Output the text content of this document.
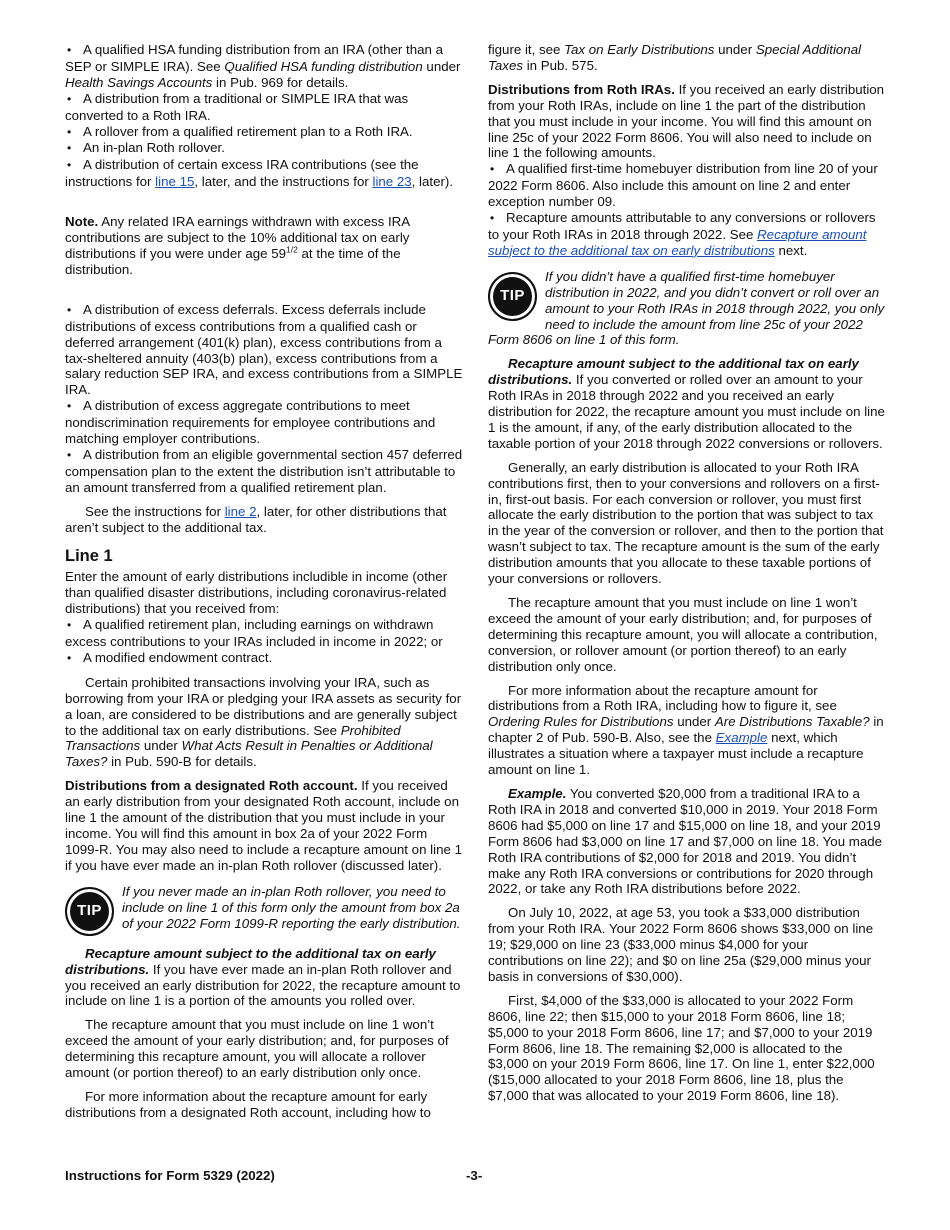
• A qualified HSA funding distribution from an IRA (other than a SEP or SIMPLE IRA). See Qualified HSA funding distribution under Health Savings Accounts in Pub. 969 for details.

• A distribution from a traditional or SIMPLE IRA that was converted to a Roth IRA.

• A rollover from a qualified retirement plan to a Roth IRA.

• An in-plan Roth rollover.

• A distribution of certain excess IRA contributions (see the instructions for line 15, later, and the instructions for line 23, later).

Note. Any related IRA earnings withdrawn with excess IRA contributions are subject to the 10% additional tax on early distributions if you were under age $59^{1/2}$ at the time of the distribution.

• A distribution of excess deferrals. Excess deferrals include distributions of excess contributions from a qualified cash or deferred arrangement (401(k) plan), excess contributions from a tax-sheltered annuity (403(b) plan), excess contributions from a salary reduction SEP IRA, and excess contributions from a SIMPLE IRA.

• A distribution of excess aggregate contributions to meet nondiscrimination requirements for employee contributions and matching employer contributions.

• A distribution from an eligible governmental section 457 deferred compensation plan to the extent the distribution isn’t attributable to an amount transferred from a qualified retirement plan.

See the instructions for line 2, later, for other distributions that aren’t subject to the additional tax.

Line 1

Enter the amount of early distributions includible in income (other than qualified disaster distributions, including coronavirus-related distributions) that you received from:

• A qualified retirement plan, including earnings on withdrawn excess contributions to your IRAs included in income in 2022; or

• A modified endowment contract.

Certain prohibited transactions involving your IRA, such as borrowing from your IRA or pledging your IRA assets as security for a loan, are considered to be distributions and are generally subject to the additional tax on early distributions. See Prohibited Transactions under What Acts Result in Penalties or Additional Taxes? in Pub. 590-B for details.

Distributions from a designated Roth account. If you received an early distribution from your designated Roth account, include on line 1 the amount of the distribution that you must include in your income. You will find this amount in box 2a of your 2022 Form 1099-R. You may also need to include a recapture amount on line 1 if you have ever made an in-plan Roth rollover (discussed later).

TIP

If you never made an in-plan Roth rollover, you need to include on line 1 of this form only the amount from box 2a of your 2022 Form 1099-R reporting the early distribution.

Recapture amount subject to the additional tax on early distributions. If you have ever made an in-plan Roth rollover and you received an early distribution for 2022, the recapture amount to include on line 1 is a portion of the amounts you rolled over.

The recapture amount that you must include on line 1 won’t exceed the amount of your early distribution; and, for purposes of determining this recapture amount, you will allocate a rollover amount (or portion thereof) to an early distribution only once.

For more information about the recapture amount for early distributions from a designated Roth account, including how to

figure it, see Tax on Early Distributions under Special Additional Taxes in Pub. 575.

Distributions from Roth IRAs. If you received an early distribution from your Roth IRAs, include on line 1 the part of the distribution that you must include in your income. You will find this amount on line 25c of your 2022 Form 8606. You will also need to include on line 1 the following amounts.

• A qualified first-time homebuyer distribution from line 20 of your 2022 Form 8606. Also include this amount on line 2 and enter exception number 09.

• Recapture amounts attributable to any conversions or rollovers to your Roth IRAs in 2018 through 2022. See Recapture amount subject to the additional tax on early distributions next.

TIP

If you didn’t have a qualified first-time homebuyer distribution in 2022, and you didn’t convert or roll over an amount to your Roth IRAs in 2018 through 2022, you only need to include the amount from line 25c of your 2022 Form 8606 on line 1 of this form.

Recapture amount subject to the additional tax on early distributions. If you converted or rolled over an amount to your Roth IRAs in 2018 through 2022 and you received an early distribution for 2022, the recapture amount you must include on line 1 is the amount, if any, of the early distribution allocated to the taxable portion of your 2018 through 2022 conversions or rollovers.

Generally, an early distribution is allocated to your Roth IRA contributions first, then to your conversions and rollovers on a first-in, first-out basis. For each conversion or rollover, you must first allocate the early distribution to the portion that was subject to tax in the year of the conversion or rollover, and then to the portion that wasn’t subject to tax. The recapture amount is the sum of the early distribution amounts that you allocate to these taxable portions of your conversions or rollovers.

The recapture amount that you must include on line 1 won’t exceed the amount of your early distribution; and, for purposes of determining this recapture amount, you will allocate a contribution, conversion, or rollover amount (or portion thereof) to an early distribution only once.

For more information about the recapture amount for distributions from a Roth IRA, including how to figure it, see Ordering Rules for Distributions under Are Distributions Taxable? in chapter 2 of Pub. 590-B. Also, see the Example next, which illustrates a situation where a taxpayer must include a recapture amount on line 1.

Example. You converted $20,000 from a traditional IRA to a Roth IRA in 2018 and converted $10,000 in 2019. Your 2018 Form 8606 had $5,000 on line 17 and $15,000 on line 18, and your 2019 Form 8606 had $3,000 on line 17 and $7,000 on line 18. You made Roth IRA contributions of $2,000 for 2018 and 2019. You didn’t make any Roth IRA conversions or contributions for 2020 through 2022, or take any Roth IRA distributions before 2022.

On July 10, 2022, at age 53, you took a $33,000 distribution from your Roth IRA. Your 2022 Form 8606 shows $33,000 on line 19; $29,000 on line 23 ($33,000 minus $4,000 for your contributions on line 22); and $0 on line 25a ($29,000 minus your basis in conversions of $30,000).

First, $4,000 of the $33,000 is allocated to your 2022 Form 8606, line 22; then $15,000 to your 2018 Form 8606, line 18; $5,000 to your 2018 Form 8606, line 17; and $7,000 to your 2019 Form 8606, line 18. The remaining $2,000 is allocated to the $3,000 on your 2019 Form 8606, line 17. On line 1, enter $22,000 ($15,000 allocated to your 2018 Form 8606, line 18, plus the $7,000 that was allocated to your 2019 Form 8606, line 18).

Instructions for Form 5329 (2022)	-3-
